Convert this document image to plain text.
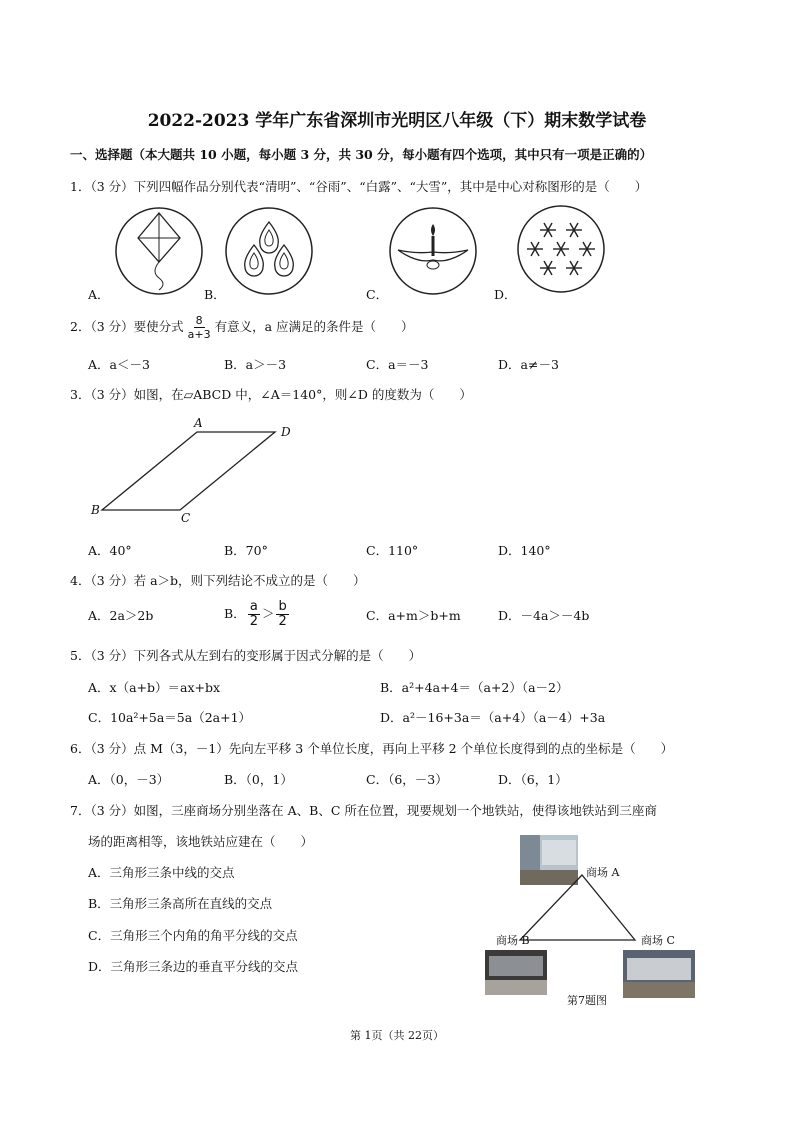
2022-2023 学年广东省深圳市光明区八年级（下）期末数学试卷
一、选择题（本大题共 10 小题，每小题 3 分，共 30 分，每小题有四个选项，其中只有一项是正确的）
1．（3 分）下列四幅作品分别代表“清明”、“谷雨”、“白露”、“大雪”，其中是中心对称图形的是（　　）
A．	B．	C．	D．
2．（3 分）要使分式 $\frac{8}{a+3}$ 有意义，a 应满足的条件是（　　）
A．a＜－3	B．a＞－3	C．a＝－3	D．a≠－3
3．（3 分）如图，在▱ABCD 中，∠A＝140°，则∠D 的度数为（　　）
A
D
B
C
A．40°	B．70°	C．110°	D．140°
4．（3 分）若 a＞b，则下列结论不成立的是（　　）
A．2a＞2b	B． $\frac{a}{2} > \frac{b}{2}$	C．a+m＞b+m	D．－4a＞－4b
5．（3 分）下列各式从左到右的变形属于因式分解的是（　　）
A．x（a+b）＝ax+bx	B．a²+4a+4＝（a+2）（a－2）
C．10a²+5a＝5a（2a+1）	D．a²－16+3a＝（a+4）（a－4）+3a
6．（3 分）点 M（3，－1）先向左平移 3 个单位长度，再向上平移 2 个单位长度得到的点的坐标是（　　）
A．（0，－3）	B．（0，1）	C．（6，－3）	D．（6，1）
7．（3 分）如图，三座商场分别坐落在 A、B、C 所在位置，现要规划一个地铁站，使得该地铁站到三座商
场的距离相等，该地铁站应建在（　　）
A．三角形三条中线的交点
B．三角形三条高所在直线的交点
C．三角形三个内角的角平分线的交点
D．三角形三条边的垂直平分线的交点
商场 A
商场 B	商场 C
第7题图
第 1页（共 22页）
